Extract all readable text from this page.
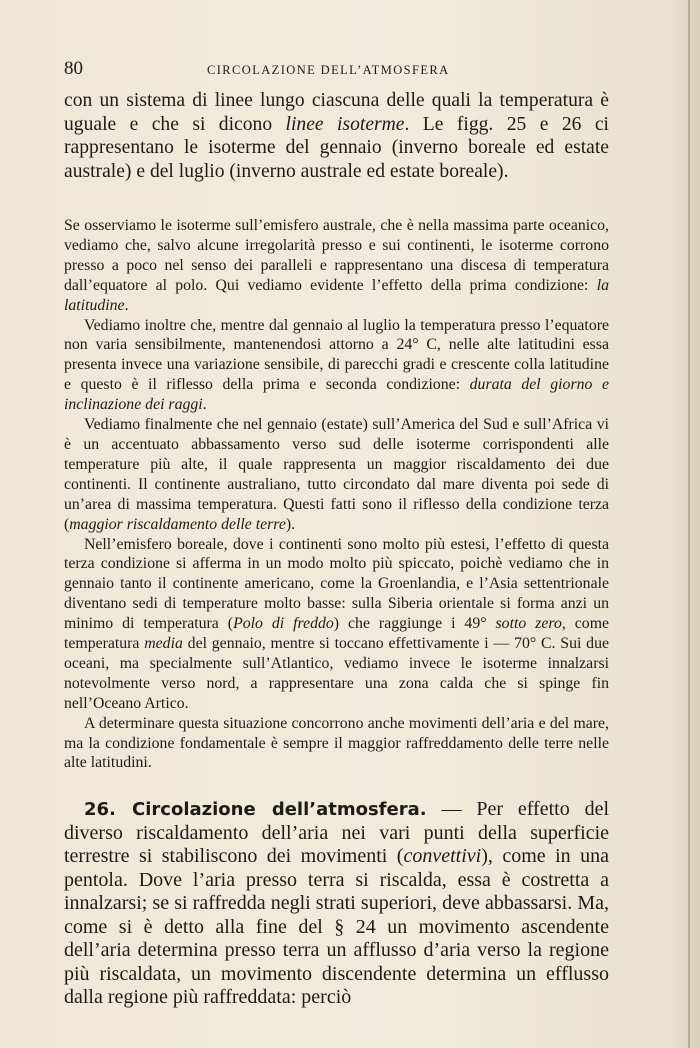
80	CIRCOLAZIONE DELL’ATMOSFERA

con un sistema di linee lungo ciascuna delle quali la temperatura è uguale e che si dicono linee isoterme. Le figg. 25 e 26 ci rappresentano le isoterme del gennaio (inverno boreale ed estate australe) e del luglio (inverno australe ed estate boreale).

Se osserviamo le isoterme sull’emisfero australe, che è nella massima parte oceanico, vediamo che, salvo alcune irregolarità presso e sui continenti, le isoterme corrono presso a poco nel senso dei paralleli e rappresentano una discesa di temperatura dall’equatore al polo. Qui vediamo evidente l’effetto della prima condizione: la latitudine.

Vediamo inoltre che, mentre dal gennaio al luglio la temperatura presso l’equatore non varia sensibilmente, mantenendosi attorno a 24° C, nelle alte latitudini essa presenta invece una variazione sensibile, di parecchi gradi e crescente colla latitudine e questo è il riflesso della prima e seconda condizione: durata del giorno e inclinazione dei raggi.

Vediamo finalmente che nel gennaio (estate) sull’America del Sud e sull’Africa vi è un accentuato abbassamento verso sud delle isoterme corrispondenti alle temperature più alte, il quale rappresenta un maggior riscaldamento dei due continenti. Il continente australiano, tutto circondato dal mare diventa poi sede di un’area di massima temperatura. Questi fatti sono il riflesso della condizione terza (maggior riscaldamento delle terre).

Nell’emisfero boreale, dove i continenti sono molto più estesi, l’effetto di questa terza condizione si afferma in un modo molto più spiccato, poichè vediamo che in gennaio tanto il continente americano, come la Groenlandia, e l’Asia settentrionale diventano sedi di temperature molto basse: sulla Siberia orientale si forma anzi un minimo di temperatura (Polo di freddo) che raggiunge i 49° sotto zero, come temperatura media del gennaio, mentre si toccano effettivamente i — 70° C. Sui due oceani, ma specialmente sull’Atlantico, vediamo invece le isoterme innalzarsi notevolmente verso nord, a rappresentare una zona calda che si spinge fin nell’Oceano Artico.

A determinare questa situazione concorrono anche movimenti dell’aria e del mare, ma la condizione fondamentale è sempre il maggior raffreddamento delle terre nelle alte latitudini.

26. Circolazione dell’atmosfera. — Per effetto del diverso riscaldamento dell’aria nei vari punti della superficie terrestre si stabiliscono dei movimenti (convettivi), come in una pentola. Dove l’aria presso terra si riscalda, essa è costretta a innalzarsi; se si raffredda negli strati superiori, deve abbassarsi. Ma, come si è detto alla fine del § 24 un movimento ascendente dell’aria determina presso terra un afflusso d’aria verso la regione più riscaldata, un movimento discendente determina un efflusso dalla regione più raffreddata: perciò
